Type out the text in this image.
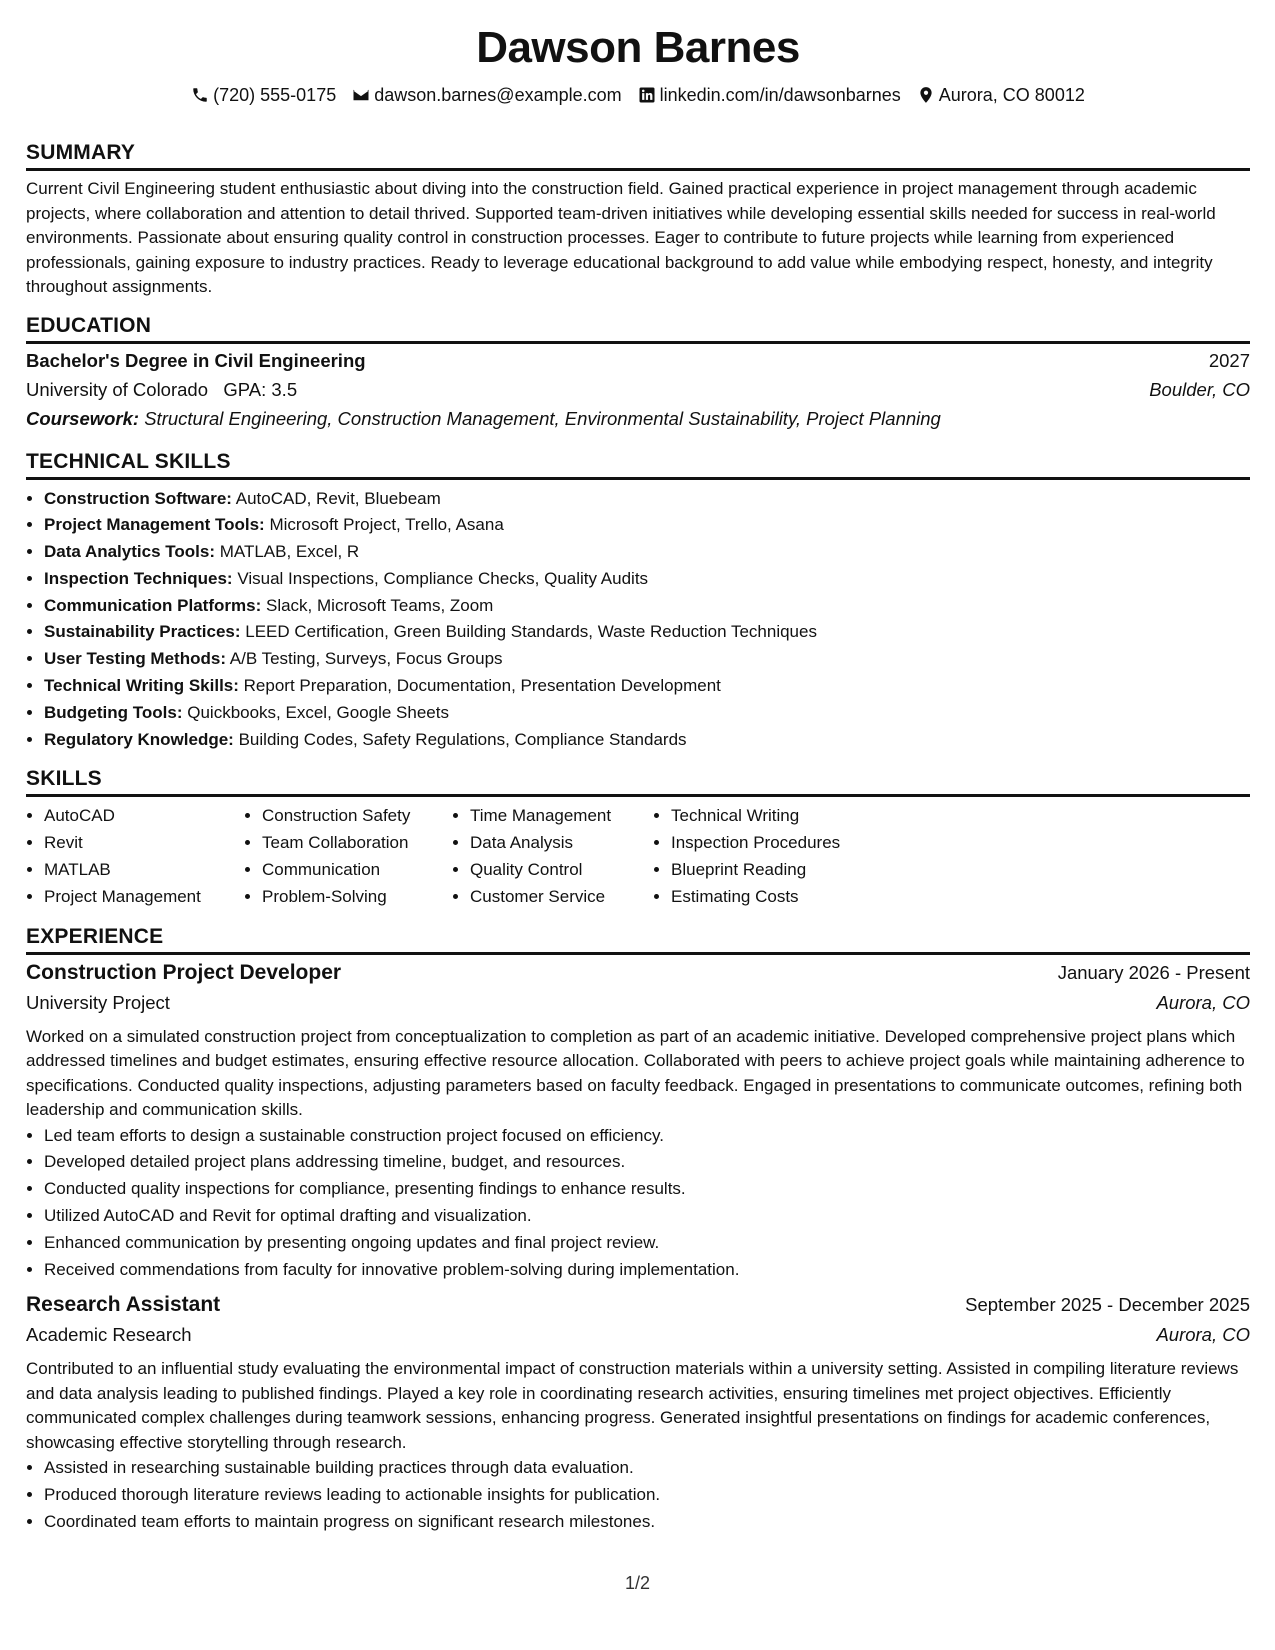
Dawson Barnes
(720) 555-0175 dawson.barnes@example.com linkedin.com/in/dawsonbarnes Aurora, CO 80012
SUMMARY
Current Civil Engineering student enthusiastic about diving into the construction field. Gained practical experience in project management through academic projects, where collaboration and attention to detail thrived. Supported team-driven initiatives while developing essential skills needed for success in real-world environments. Passionate about ensuring quality control in construction processes. Eager to contribute to future projects while learning from experienced professionals, gaining exposure to industry practices. Ready to leverage educational background to add value while embodying respect, honesty, and integrity throughout assignments.
EDUCATION
Bachelor's Degree in Civil Engineering	2027
University of Colorado GPA: 3.5	Boulder, CO
Coursework: Structural Engineering, Construction Management, Environmental Sustainability, Project Planning
TECHNICAL SKILLS
• Construction Software: AutoCAD, Revit, Bluebeam
• Project Management Tools: Microsoft Project, Trello, Asana
• Data Analytics Tools: MATLAB, Excel, R
• Inspection Techniques: Visual Inspections, Compliance Checks, Quality Audits
• Communication Platforms: Slack, Microsoft Teams, Zoom
• Sustainability Practices: LEED Certification, Green Building Standards, Waste Reduction Techniques
• User Testing Methods: A/B Testing, Surveys, Focus Groups
• Technical Writing Skills: Report Preparation, Documentation, Presentation Development
• Budgeting Tools: Quickbooks, Excel, Google Sheets
• Regulatory Knowledge: Building Codes, Safety Regulations, Compliance Standards
SKILLS
• AutoCAD
• Revit
• MATLAB
• Project Management
• Construction Safety
• Team Collaboration
• Communication
• Problem-Solving
• Time Management
• Data Analysis
• Quality Control
• Customer Service
• Technical Writing
• Inspection Procedures
• Blueprint Reading
• Estimating Costs
EXPERIENCE
Construction Project Developer	January 2026 - Present
University Project	Aurora, CO
Worked on a simulated construction project from conceptualization to completion as part of an academic initiative. Developed comprehensive project plans which addressed timelines and budget estimates, ensuring effective resource allocation. Collaborated with peers to achieve project goals while maintaining adherence to specifications. Conducted quality inspections, adjusting parameters based on faculty feedback. Engaged in presentations to communicate outcomes, refining both leadership and communication skills.
• Led team efforts to design a sustainable construction project focused on efficiency.
• Developed detailed project plans addressing timeline, budget, and resources.
• Conducted quality inspections for compliance, presenting findings to enhance results.
• Utilized AutoCAD and Revit for optimal drafting and visualization.
• Enhanced communication by presenting ongoing updates and final project review.
• Received commendations from faculty for innovative problem-solving during implementation.
Research Assistant	September 2025 - December 2025
Academic Research	Aurora, CO
Contributed to an influential study evaluating the environmental impact of construction materials within a university setting. Assisted in compiling literature reviews and data analysis leading to published findings. Played a key role in coordinating research activities, ensuring timelines met project objectives. Efficiently communicated complex challenges during teamwork sessions, enhancing progress. Generated insightful presentations on findings for academic conferences, showcasing effective storytelling through research.
• Assisted in researching sustainable building practices through data evaluation.
• Produced thorough literature reviews leading to actionable insights for publication.
• Coordinated team efforts to maintain progress on significant research milestones.
1/2
